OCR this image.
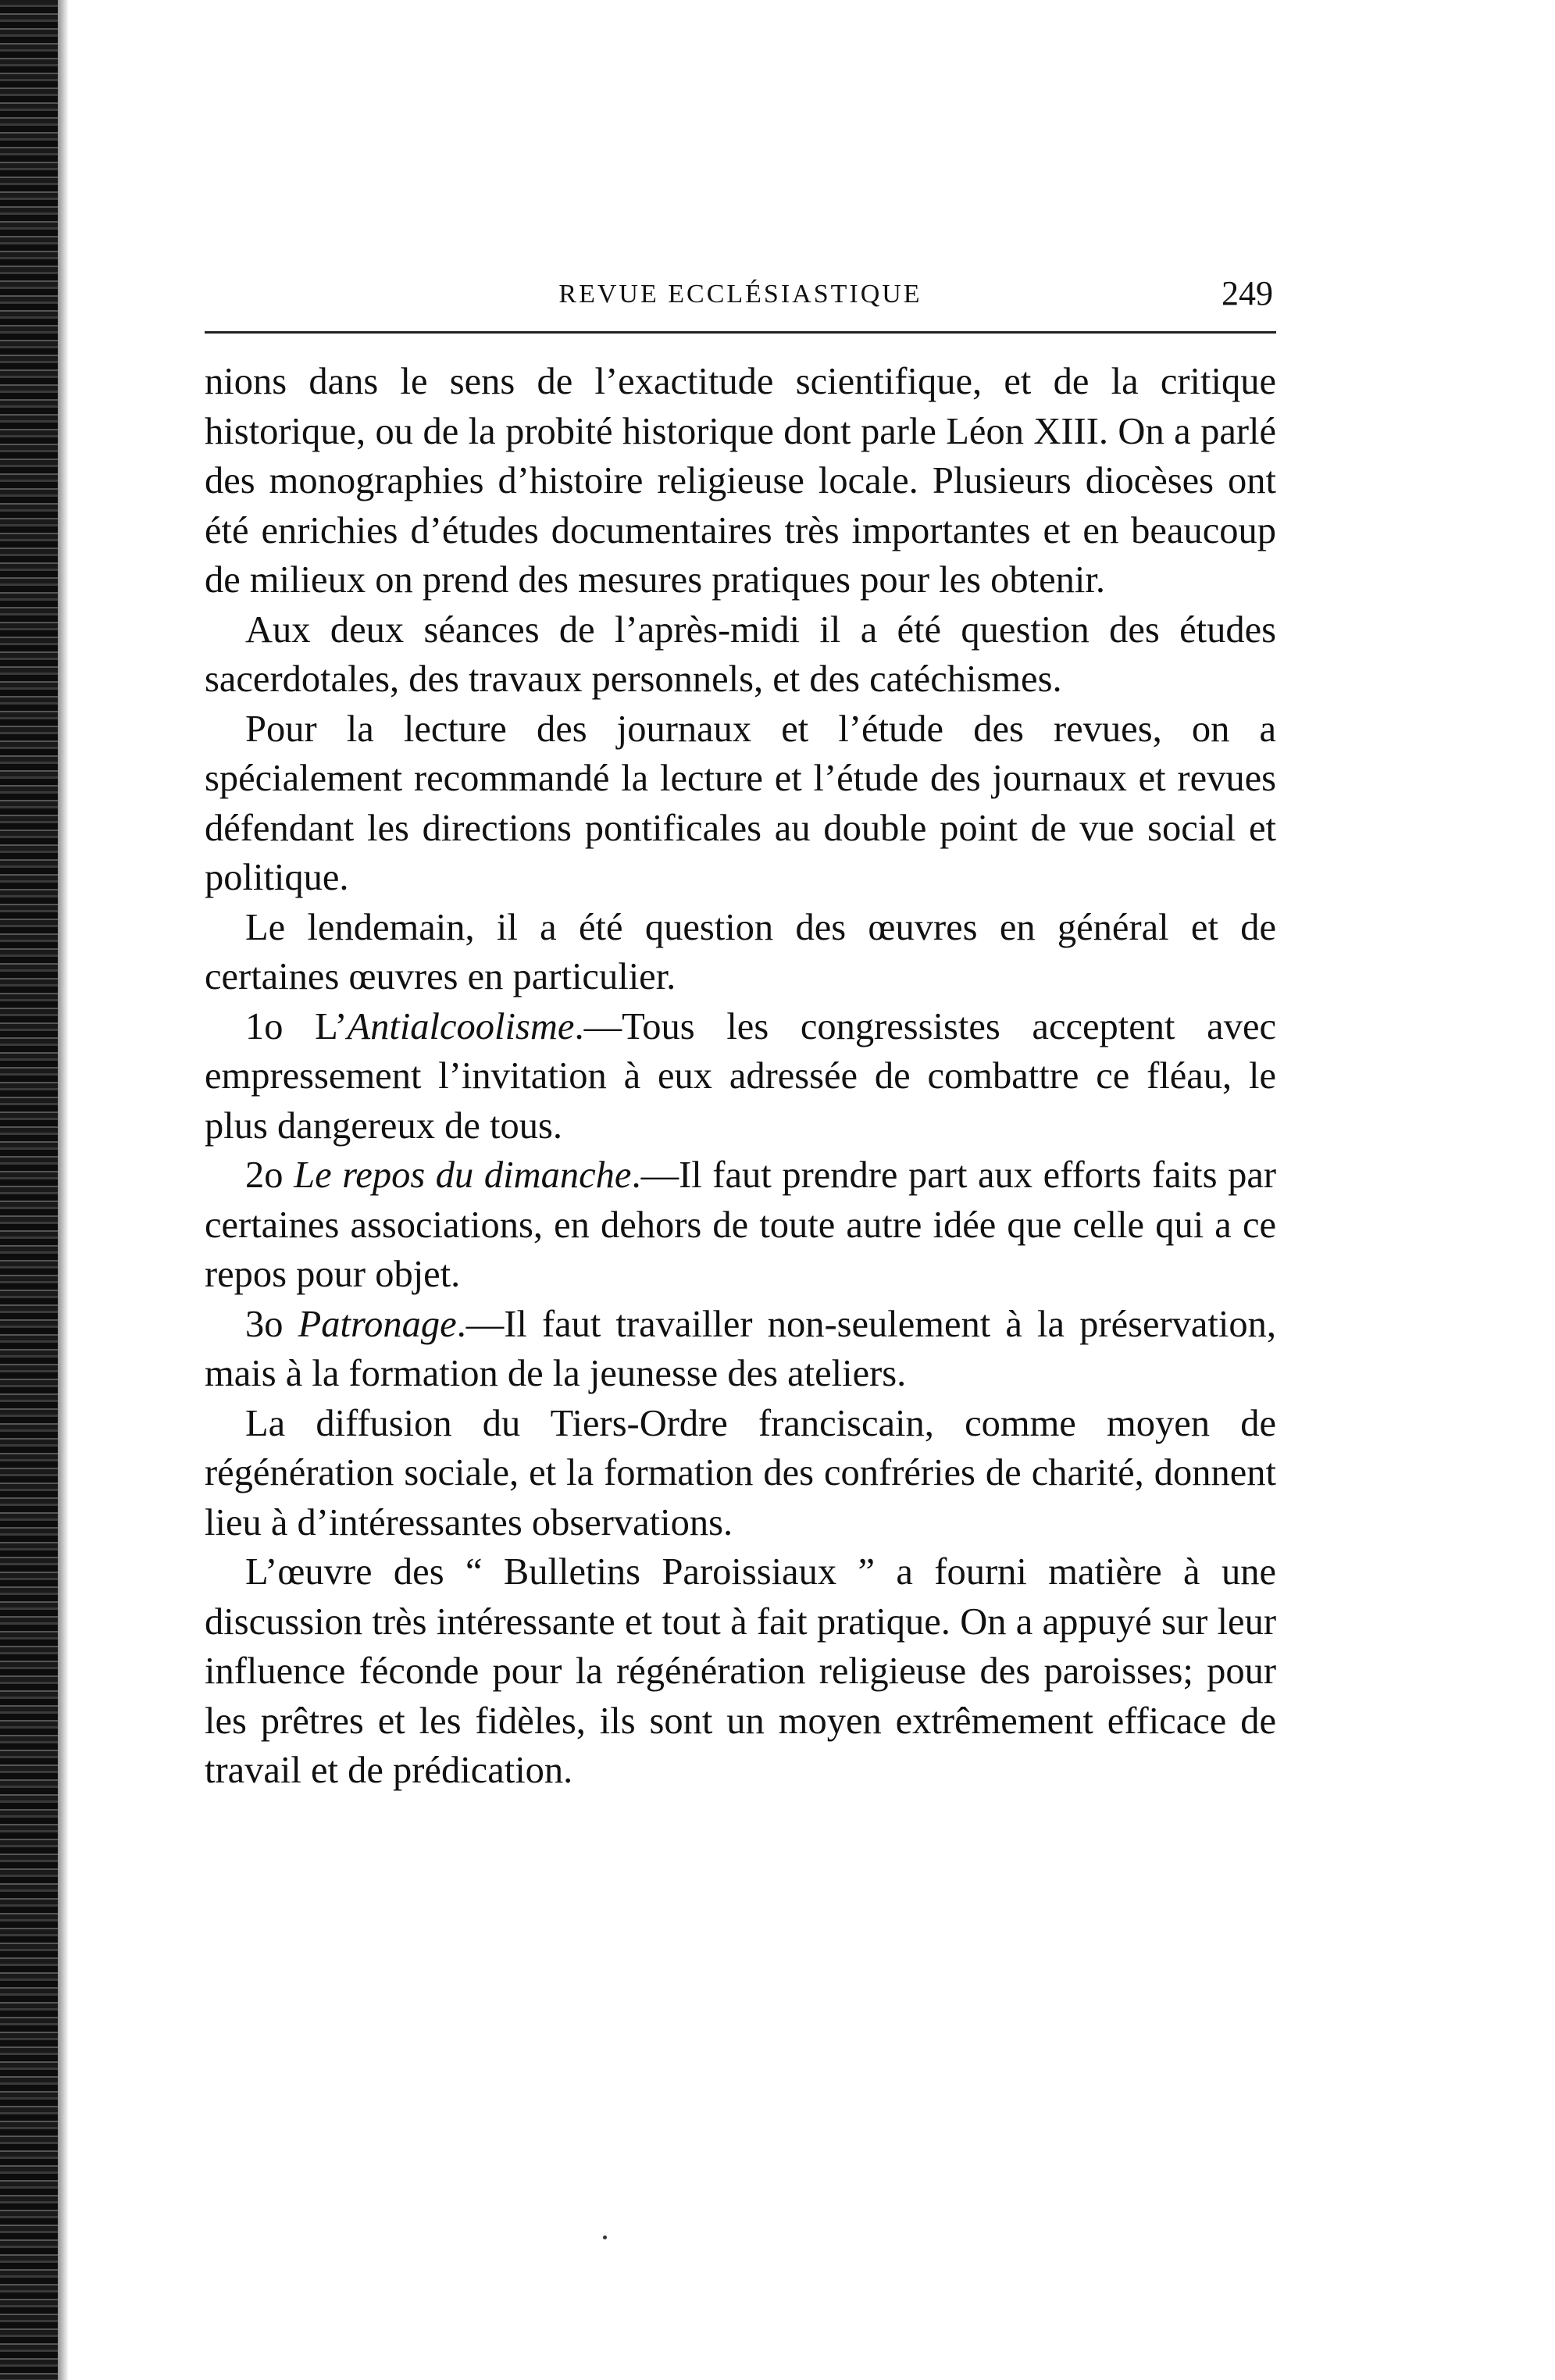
REVUE ECCLÉSIASTIQUE	249

nions dans le sens de l’exactitude scientifique, et de la critique historique, ou de la probité historique dont parle Léon XIII. On a parlé des monographies d’histoire religieuse locale. Plusieurs diocèses ont été enrichies d’études documentaires très importantes et en beaucoup de milieux on prend des mesures pratiques pour les obtenir.

Aux deux séances de l’après-midi il a été question des études sacerdotales, des travaux personnels, et des catéchismes.

Pour la lecture des journaux et l’étude des revues, on a spécialement recommandé la lecture et l’étude des journaux et revues défendant les directions pontificales au double point de vue social et politique.

Le lendemain, il a été question des œuvres en général et de certaines œuvres en particulier.

1o L’Antialcoolisme.—Tous les congressistes acceptent avec empressement l’invitation à eux adressée de combattre ce fléau, le plus dangereux de tous.

2o Le repos du dimanche.—Il faut prendre part aux efforts faits par certaines associations, en dehors de toute autre idée que celle qui a ce repos pour objet.

3o Patronage.—Il faut travailler non-seulement à la préservation, mais à la formation de la jeunesse des ateliers.

La diffusion du Tiers-Ordre franciscain, comme moyen de régénération sociale, et la formation des confréries de charité, donnent lieu à d’intéressantes observations.

L’œuvre des “ Bulletins Paroissiaux ” a fourni matière à une discussion très intéressante et tout à fait pratique. On a appuyé sur leur influence féconde pour la régénération religieuse des paroisses; pour les prêtres et les fidèles, ils sont un moyen extrêmement efficace de travail et de prédication.
